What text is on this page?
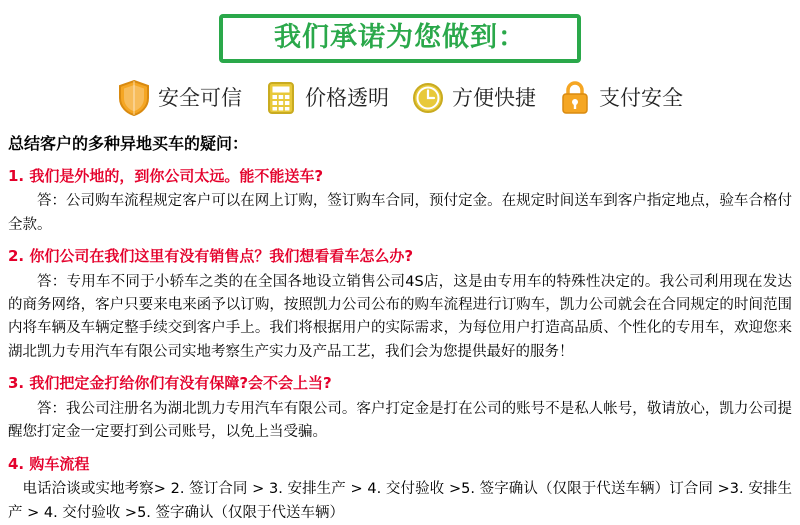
我们承诺为您做到：
安全可信	价格透明	方便快捷	支付安全
总结客户的多种异地买车的疑问：
1. 我们是外地的，到你公司太远。能不能送车?
答：公司购车流程规定客户可以在网上订购，签订购车合同，预付定金。在规定时间送车到客户指定地点，验车合格付全款。
2. 你们公司在我们这里有没有销售点？我们想看看车怎么办?
答：专用车不同于小轿车之类的在全国各地设立销售公司4S店，这是由专用车的特殊性决定的。我公司利用现在发达的商务网络，客户只要来电来函予以订购，按照凯力公司公布的购车流程进行订购车，凯力公司就会在合同规定的时间范围内将车辆及车辆定整手续交到客户手上。我们将根据用户的实际需求，为每位用户打造高品质、个性化的专用车，欢迎您来湖北凯力专用汽车有限公司实地考察生产实力及产品工艺，我们会为您提供最好的服务！
3. 我们把定金打给你们有没有保障?会不会上当?
答：我公司注册名为湖北凯力专用汽车有限公司。客户打定金是打在公司的账号不是私人帐号，敬请放心，凯力公司提醒您打定金一定要打到公司账号，以免上当受骗。
4. 购车流程
电话洽谈或实地考察> 2. 签订合同 > 3. 安排生产 > 4. 交付验收 >5. 签字确认（仅限于代送车辆）订合同 >3. 安排生产 > 4. 交付验收 >5. 签字确认（仅限于代送车辆）
